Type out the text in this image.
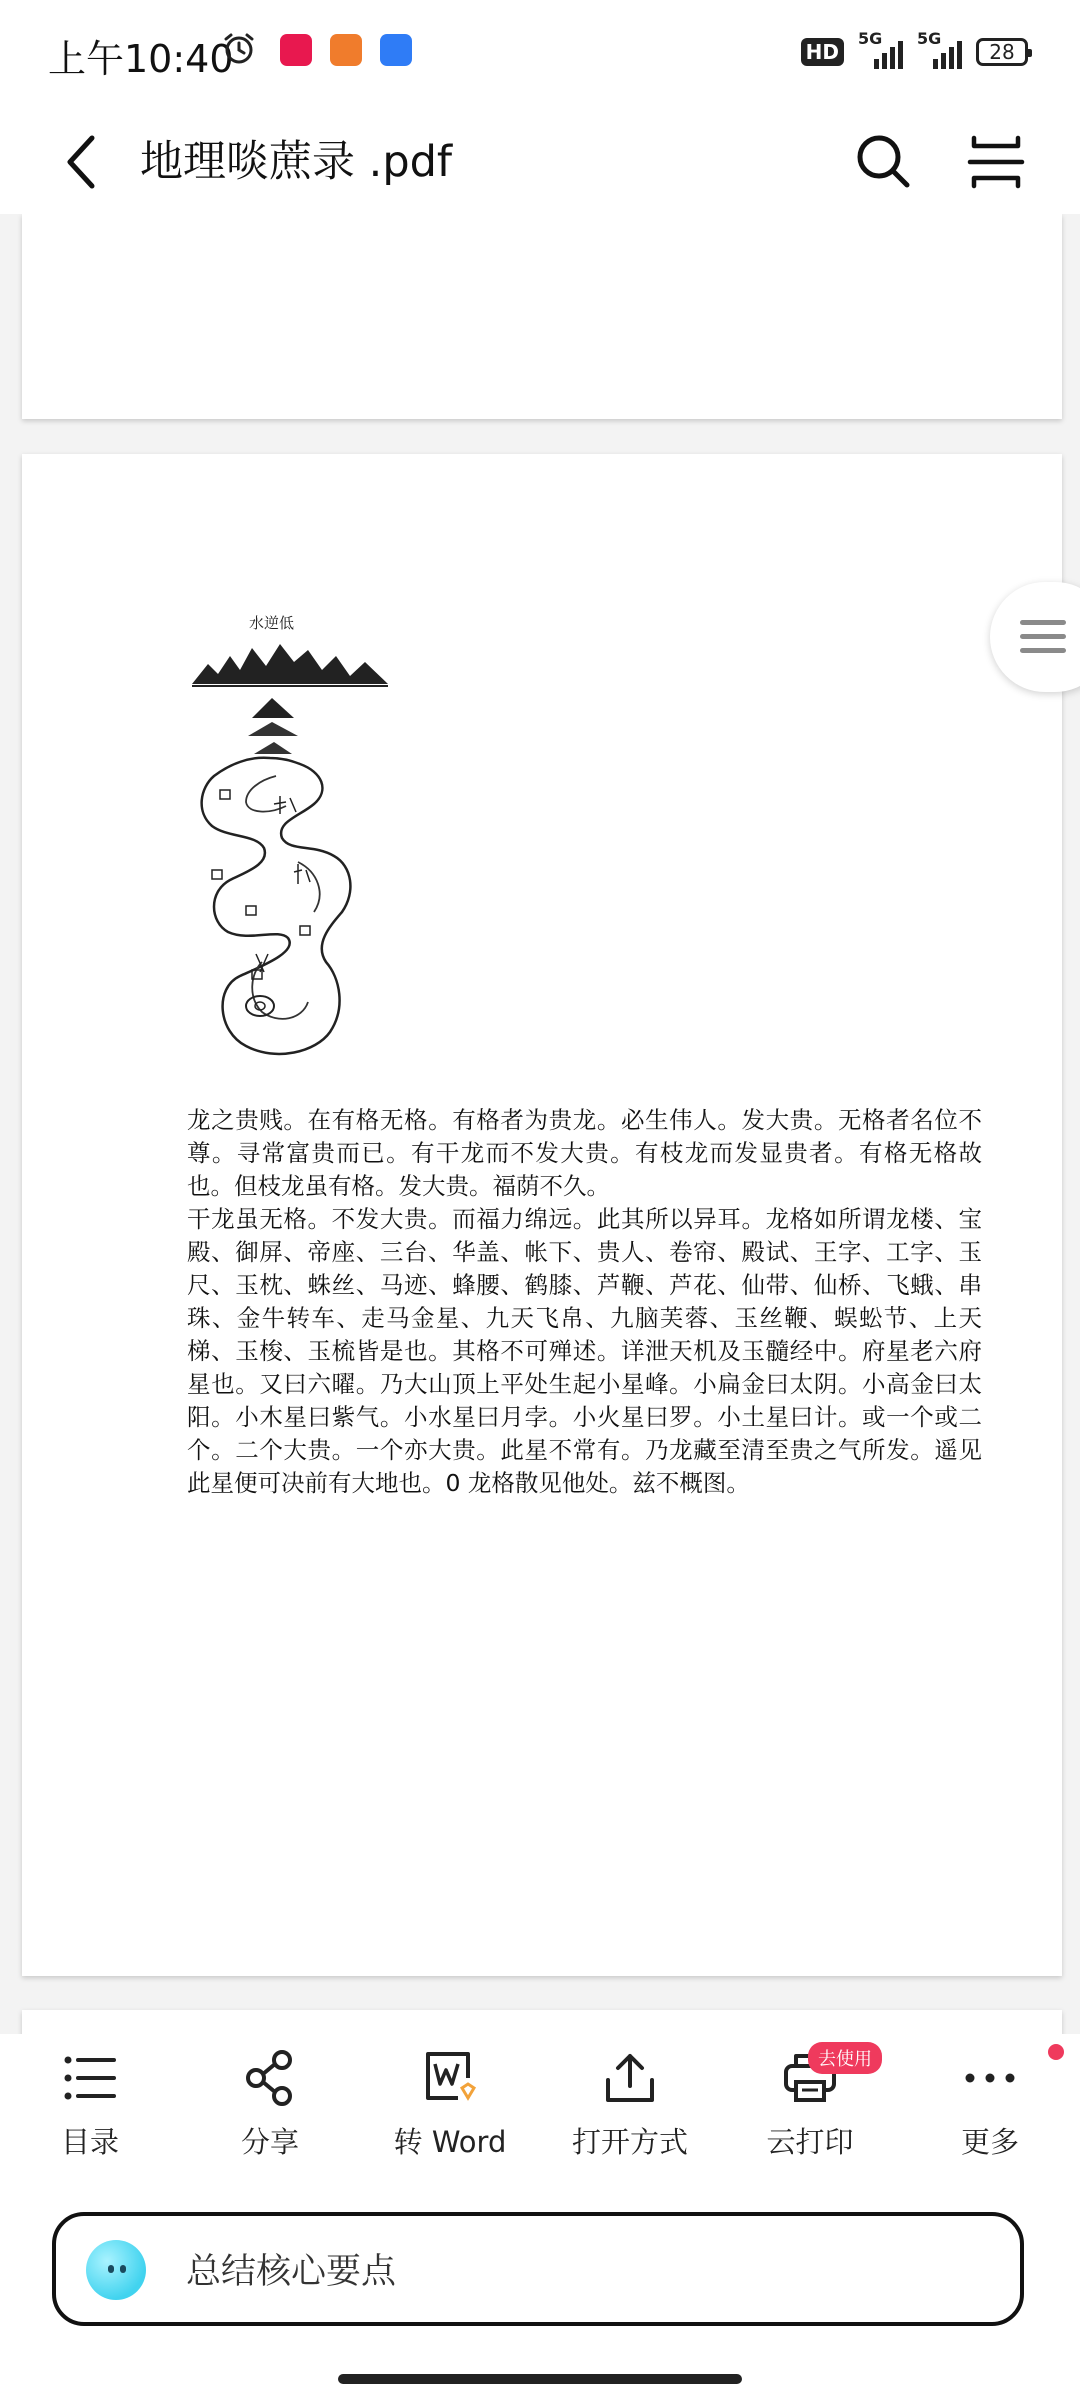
上午10:40	HD
5G 5G
28
地理啖蔗录 .pdf
水逆低

龙之贵贱。在有格无格。有格者为贵龙。必生伟人。发大贵。无格者名位不尊。寻常富贵而已。有干龙而不发大贵。有枝龙而发显贵者。有格无格故也。但枝龙虽有格。发大贵。福荫不久。

干龙虽无格。不发大贵。而福力绵远。此其所以异耳。龙格如所谓龙楼、宝殿、御屏、帝座、三台、华盖、帐下、贵人、卷帘、殿试、王字、工字、玉尺、玉枕、蛛丝、马迹、蜂腰、鹤膝、芦鞭、芦花、仙带、仙桥、飞蛾、串珠、金牛转车、走马金星、九天飞帛、九脑芙蓉、玉丝鞭、蜈蚣节、上天梯、玉梭、玉梳皆是也。其格不可殚述。详泄天机及玉髓经中。府星老六府星也。又曰六曜。乃大山顶上平处生起小星峰。小扁金曰太阴。小高金曰太阳。小木星曰紫气。小水星曰月孛。小火星曰罗。小土星曰计。或一个或二个。二个大贵。一个亦大贵。此星不常有。乃龙藏至清至贵之气所发。遥见此星便可决前有大地也。0 龙格散见他处。兹不概图。

目录	分享	转 Word	打开方式
去使用
云打印	更多
总结核心要点
